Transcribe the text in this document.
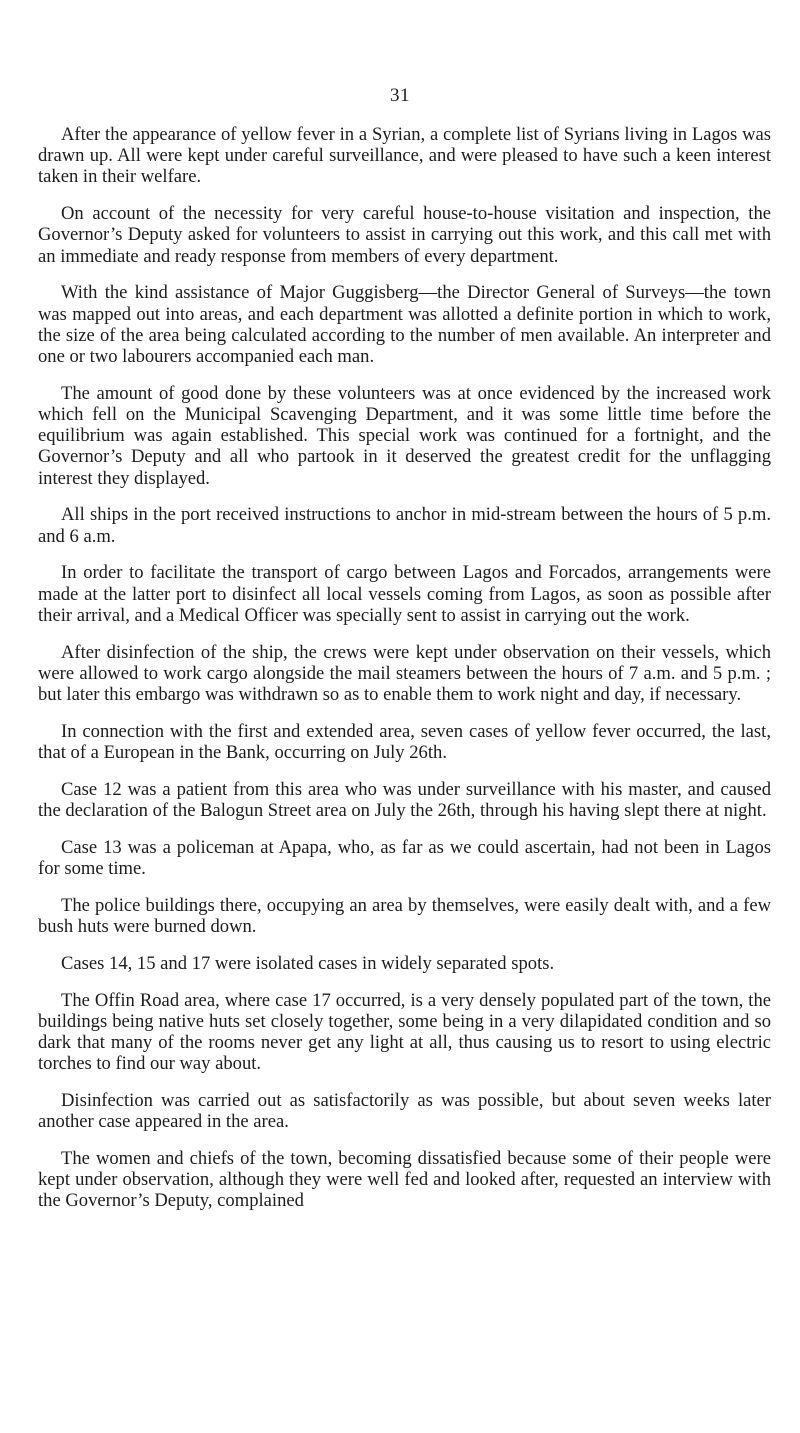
31

After the appearance of yellow fever in a Syrian, a complete list of Syrians living in Lagos was drawn up. All were kept under careful surveillance, and were pleased to have such a keen interest taken in their welfare.

On account of the necessity for very careful house-to-house visitation and inspection, the Governor’s Deputy asked for volunteers to assist in carrying out this work, and this call met with an immediate and ready response from members of every department.

With the kind assistance of Major Guggisberg—the Director General of Surveys—the town was mapped out into areas, and each department was allotted a definite portion in which to work, the size of the area being calculated according to the number of men available. An interpreter and one or two labourers accompanied each man.

The amount of good done by these volunteers was at once evidenced by the increased work which fell on the Municipal Scavenging Department, and it was some little time before the equilibrium was again established. This special work was continued for a fortnight, and the Governor’s Deputy and all who partook in it deserved the greatest credit for the unflagging interest they displayed.

All ships in the port received instructions to anchor in mid-stream between the hours of 5 p.m. and 6 a.m.

In order to facilitate the transport of cargo between Lagos and Forcados, arrangements were made at the latter port to disinfect all local vessels coming from Lagos, as soon as possible after their arrival, and a Medical Officer was specially sent to assist in carrying out the work.

After disinfection of the ship, the crews were kept under observation on their vessels, which were allowed to work cargo alongside the mail steamers between the hours of 7 a.m. and 5 p.m. ; but later this embargo was withdrawn so as to enable them to work night and day, if necessary.

In connection with the first and extended area, seven cases of yellow fever occurred, the last, that of a European in the Bank, occurring on July 26th.

Case 12 was a patient from this area who was under surveillance with his master, and caused the declaration of the Balogun Street area on July the 26th, through his having slept there at night.

Case 13 was a policeman at Apapa, who, as far as we could ascertain, had not been in Lagos for some time.

The police buildings there, occupying an area by themselves, were easily dealt with, and a few bush huts were burned down.

Cases 14, 15 and 17 were isolated cases in widely separated spots.

The Offin Road area, where case 17 occurred, is a very densely populated part of the town, the buildings being native huts set closely together, some being in a very dilapidated condition and so dark that many of the rooms never get any light at all, thus causing us to resort to using electric torches to find our way about.

Disinfection was carried out as satisfactorily as was possible, but about seven weeks later another case appeared in the area.

The women and chiefs of the town, becoming dissatisfied because some of their people were kept under observation, although they were well fed and looked after, requested an interview with the Governor’s Deputy, complained
